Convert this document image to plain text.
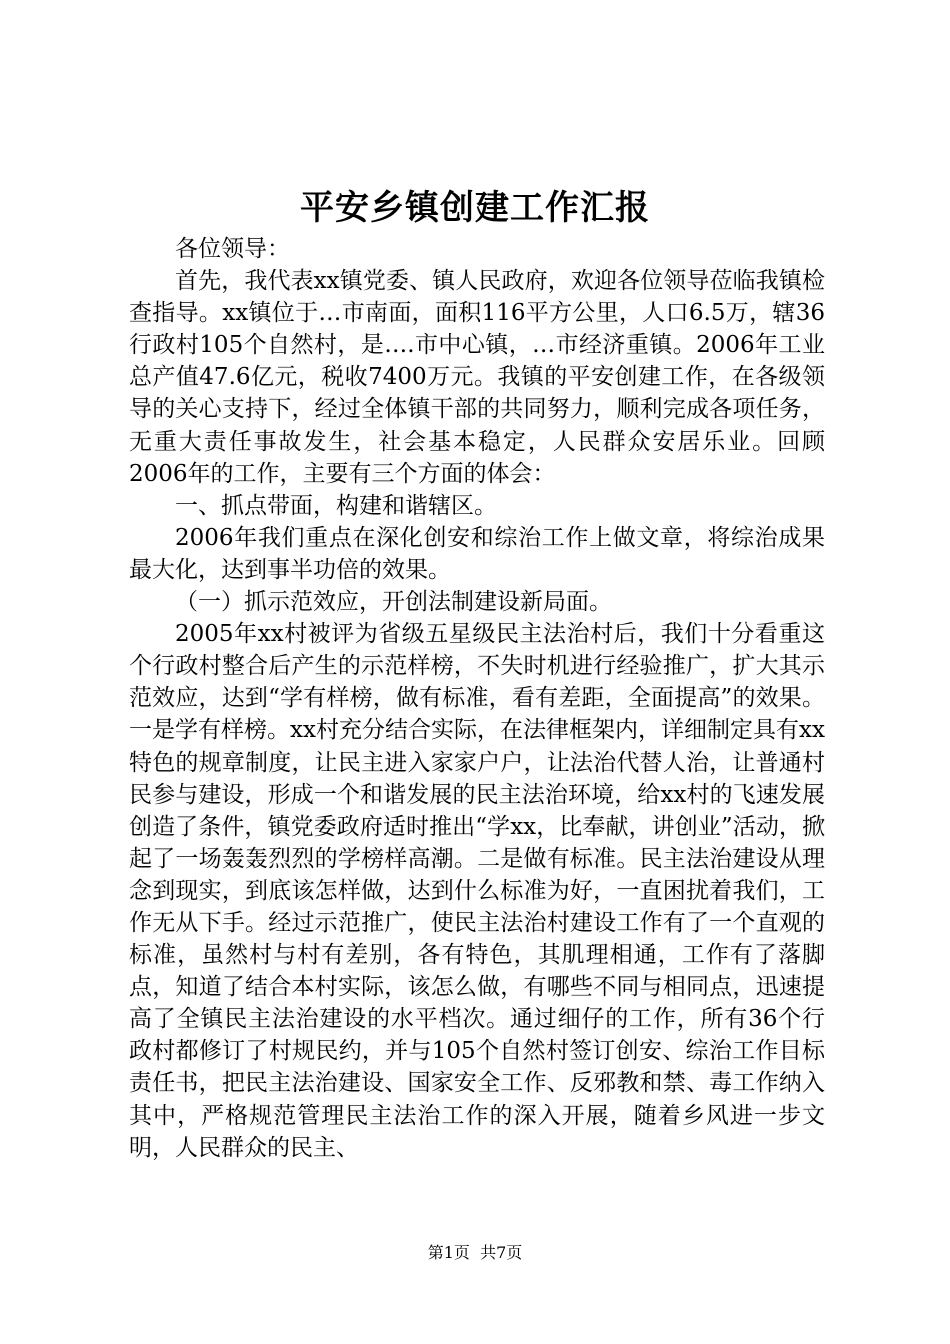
平安乡镇创建工作汇报

各位领导：

首先，我代表xx镇党委、镇人民政府，欢迎各位领导莅临我镇检查指导。xx镇位于…市南面，面积116平方公里，人口6.5万，辖36行政村105个自然村，是….市中心镇，…市经济重镇。2006年工业总产值47.6亿元，税收7400万元。我镇的平安创建工作，在各级领导的关心支持下，经过全体镇干部的共同努力，顺利完成各项任务，无重大责任事故发生，社会基本稳定，人民群众安居乐业。回顾2006年的工作，主要有三个方面的体会：

一、抓点带面，构建和谐辖区。

2006年我们重点在深化创安和综治工作上做文章，将综治成果最大化，达到事半功倍的效果。

（一）抓示范效应，开创法制建设新局面。

2005年xx村被评为省级五星级民主法治村后，我们十分看重这个行政村整合后产生的示范样榜，不失时机进行经验推广，扩大其示范效应，达到“学有样榜，做有标准，看有差距，全面提高”的效果。一是学有样榜。xx村充分结合实际，在法律框架内，详细制定具有xx特色的规章制度，让民主进入家家户户，让法治代替人治，让普通村民参与建设，形成一个和谐发展的民主法治环境，给xx村的飞速发展创造了条件，镇党委政府适时推出“学xx，比奉献，讲创业”活动，掀起了一场轰轰烈烈的学榜样高潮。二是做有标准。民主法治建设从理念到现实，到底该怎样做，达到什么标准为好，一直困扰着我们，工作无从下手。经过示范推广，使民主法治村建设工作有了一个直观的标准，虽然村与村有差别，各有特色，其肌理相通，工作有了落脚点，知道了结合本村实际，该怎么做，有哪些不同与相同点，迅速提高了全镇民主法治建设的水平档次。通过细仔的工作，所有36个行政村都修订了村规民约，并与105个自然村签订创安、综治工作目标责任书，把民主法治建设、国家安全工作、反邪教和禁、毒工作纳入其中，严格规范管理民主法治工作的深入开展，随着乡风进一步文明，人民群众的民主、

第1页 共7页
